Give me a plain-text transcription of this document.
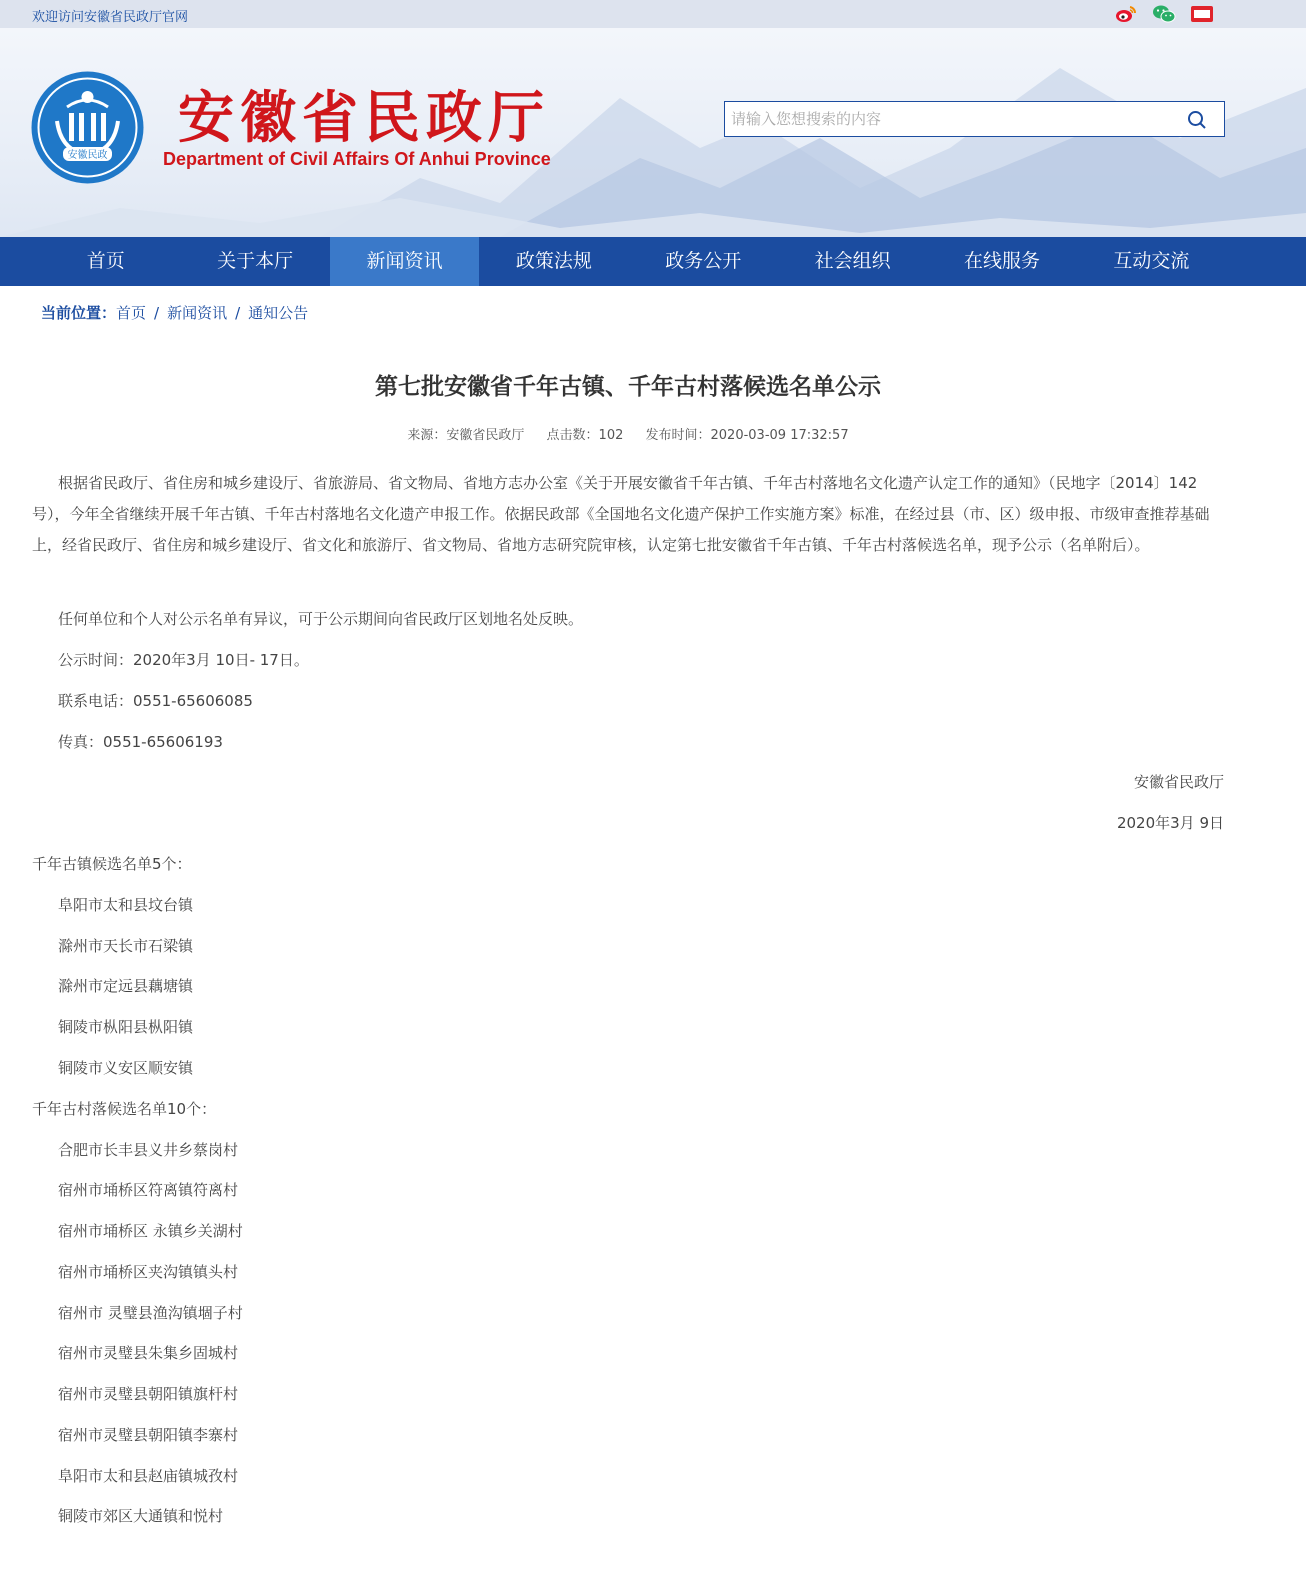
欢迎访问安徽省民政厅官网
安徽民政
安徽省民政厅
Department of Civil Affairs Of Anhui Province
请输入您想搜索的内容
首页	关于本厅	新闻资讯	政策法规	政务公开	社会组织	在线服务	互动交流
当前位置：首页 / 新闻资讯 / 通知公告
第七批安徽省千年古镇、千年古村落候选名单公示
来源：安徽省民政厅 点击数：102 发布时间：2020-03-09 17:32:57

根据省民政厅、省住房和城乡建设厅、省旅游局、省文物局、省地方志办公室《关于开展安徽省千年古镇、千年古村落地名文化遗产认定工作的通知》（民地字〔2014〕142号），今年全省继续开展千年古镇、千年古村落地名文化遗产申报工作。依据民政部《全国地名文化遗产保护工作实施方案》标准，在经过县（市、区）级申报、市级审查推荐基础上，经省民政厅、省住房和城乡建设厅、省文化和旅游厅、省文物局、省地方志研究院审核，认定第七批安徽省千年古镇、千年古村落候选名单，现予公示（名单附后）。

任何单位和个人对公示名单有异议，可于公示期间向省民政厅区划地名处反映。
公示时间：2020年3月 10日- 17日。
联系电话：0551-65606085
传真：0551-65606193
安徽省民政厅
2020年3月 9日
千年古镇候选名单5个：
阜阳市太和县坟台镇
滁州市天长市石梁镇
滁州市定远县藕塘镇
铜陵市枞阳县枞阳镇
铜陵市义安区顺安镇
千年古村落候选名单10个：
合肥市长丰县义井乡蔡岗村
宿州市埇桥区符离镇符离村
宿州市埇桥区 永镇乡关湖村
宿州市埇桥区夹沟镇镇头村
宿州市 灵璧县渔沟镇堌子村
宿州市灵璧县朱集乡固城村
宿州市灵璧县朝阳镇旗杆村
宿州市灵璧县朝阳镇李寨村
阜阳市太和县赵庙镇城孜村
铜陵市郊区大通镇和悦村
